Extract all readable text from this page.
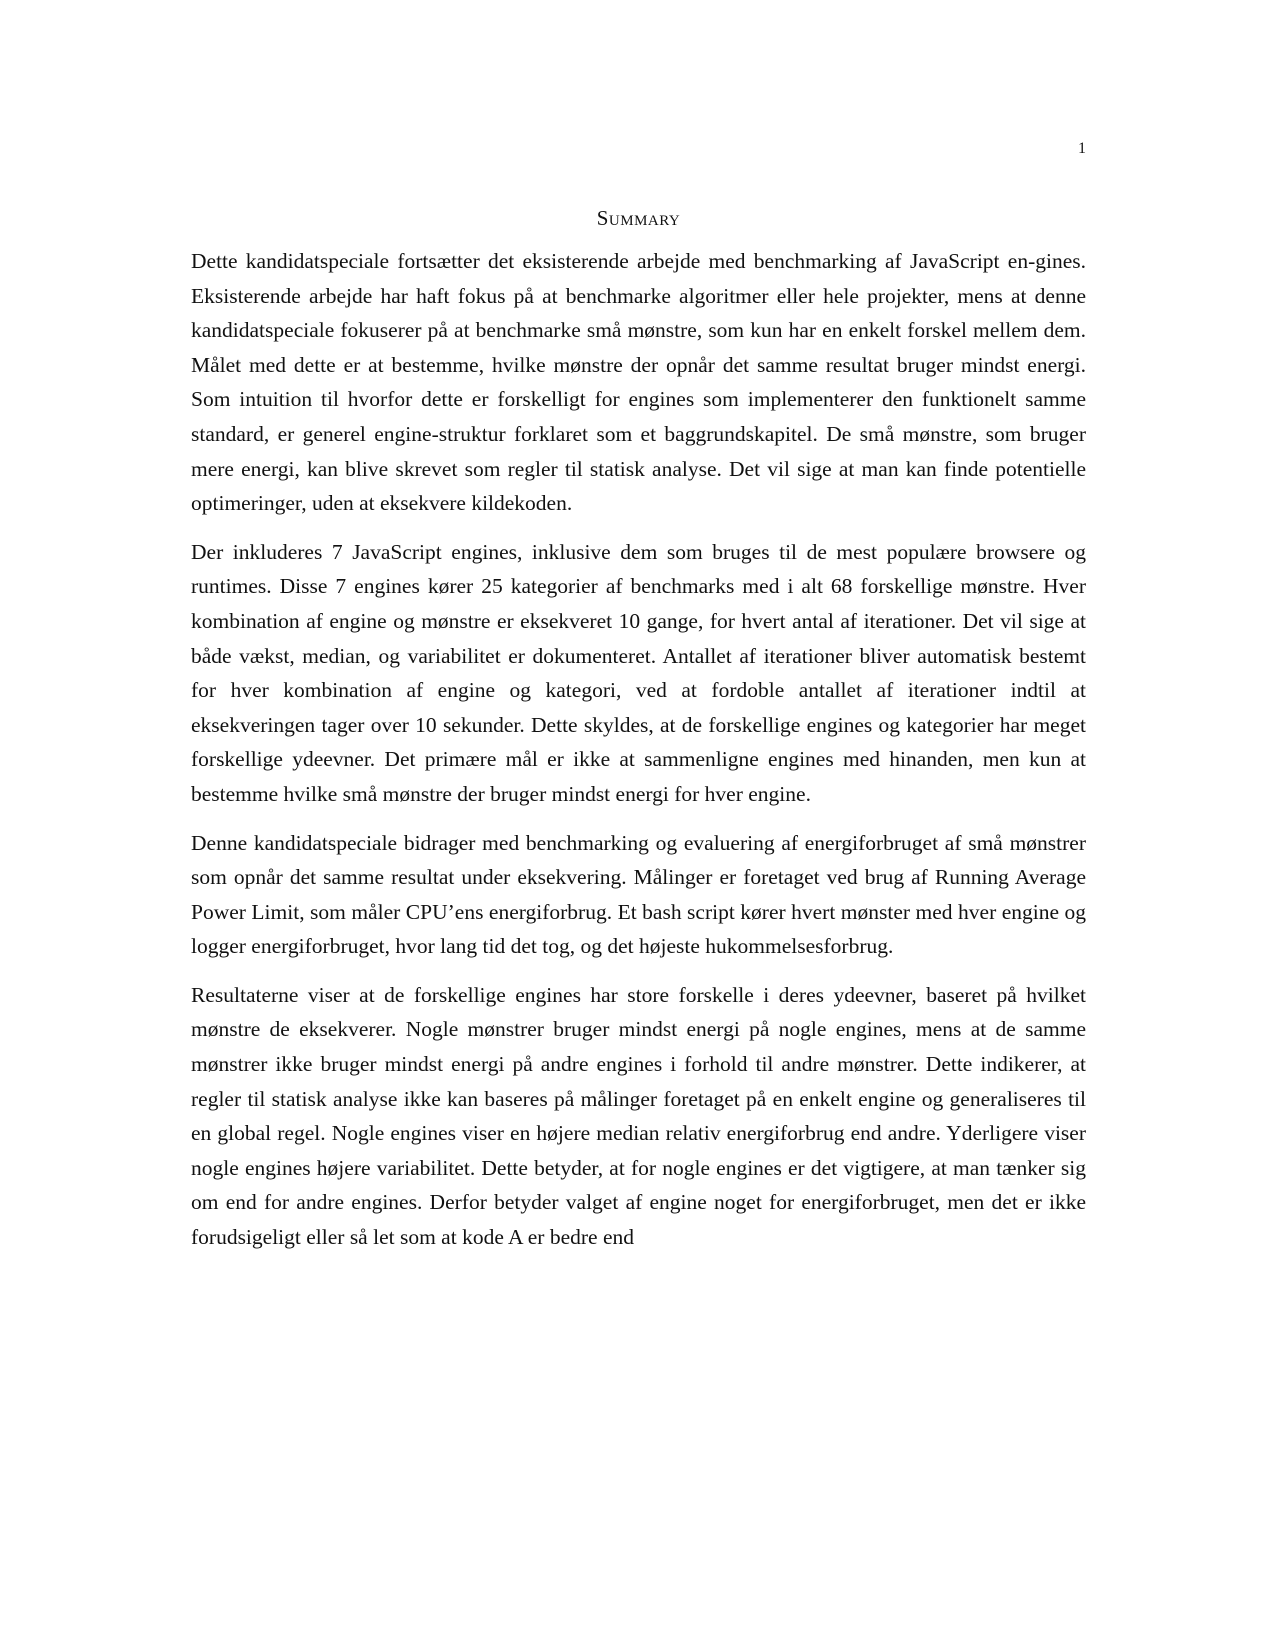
1
Summary

Dette kandidatspeciale fortsætter det eksisterende arbejde med benchmarking af JavaScript en-gines. Eksisterende arbejde har haft fokus på at benchmarke algoritmer eller hele projekter, mens at denne kandidatspeciale fokuserer på at benchmarke små mønstre, som kun har en enkelt forskel mellem dem. Målet med dette er at bestemme, hvilke mønstre der opnår det samme resultat bruger mindst energi. Som intuition til hvorfor dette er forskelligt for engines som implementerer den funktionelt samme standard, er generel engine-struktur forklaret som et baggrundskapitel. De små mønstre, som bruger mere energi, kan blive skrevet som regler til statisk analyse. Det vil sige at man kan finde potentielle optimeringer, uden at eksekvere kildekoden.

Der inkluderes 7 JavaScript engines, inklusive dem som bruges til de mest populære browsere og runtimes. Disse 7 engines kører 25 kategorier af benchmarks med i alt 68 forskellige mønstre. Hver kombination af engine og mønstre er eksekveret 10 gange, for hvert antal af iterationer. Det vil sige at både vækst, median, og variabilitet er dokumenteret. Antallet af iterationer bliver automatisk bestemt for hver kombination af engine og kategori, ved at fordoble antallet af iterationer indtil at eksekveringen tager over 10 sekunder. Dette skyldes, at de forskellige engines og kategorier har meget forskellige ydeevner. Det primære mål er ikke at sammenligne engines med hinanden, men kun at bestemme hvilke små mønstre der bruger mindst energi for hver engine.

Denne kandidatspeciale bidrager med benchmarking og evaluering af energiforbruget af små mønstrer som opnår det samme resultat under eksekvering. Målinger er foretaget ved brug af Running Average Power Limit, som måler CPU’ens energiforbrug. Et bash script kører hvert mønster med hver engine og logger energiforbruget, hvor lang tid det tog, og det højeste hukommelsesforbrug.

Resultaterne viser at de forskellige engines har store forskelle i deres ydeevner, baseret på hvilket mønstre de eksekverer. Nogle mønstrer bruger mindst energi på nogle engines, mens at de samme mønstrer ikke bruger mindst energi på andre engines i forhold til andre mønstrer. Dette indikerer, at regler til statisk analyse ikke kan baseres på målinger foretaget på en enkelt engine og generaliseres til en global regel. Nogle engines viser en højere median relativ energiforbrug end andre. Yderligere viser nogle engines højere variabilitet. Dette betyder, at for nogle engines er det vigtigere, at man tænker sig om end for andre engines. Derfor betyder valget af engine noget for energiforbruget, men det er ikke forudsigeligt eller så let som at kode A er bedre end
